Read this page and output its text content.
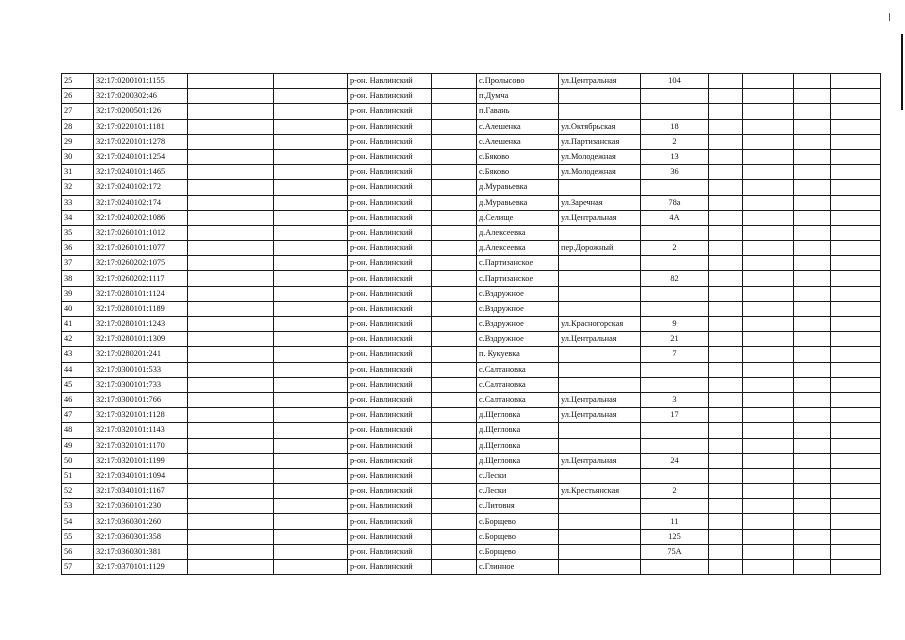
25	32:17:0200101:1155			р-он. Навлинский		с.Пролысово	ул.Центральная	104				
26	32:17:0200302:46			р-он. Навлинский		п.Думча						
27	32:17:0200501:126			р-он. Навлинский		п.Гавань						
28	32:17:0220101:1181			р-он. Навлинский		с.Алешенка	ул.Октябрьская	18				
29	32:17:0220101:1278			р-он. Навлинский		с.Алешенка	ул.Партизанская	2				
30	32:17:0240101:1254			р-он. Навлинский		с.Бяково	ул.Молодежная	13				
31	32:17:0240101:1465			р-он. Навлинский		с.Бяково	ул.Молодежная	36				
32	32:17:0240102:172			р-он. Навлинский		д.Муравьевка						
33	32:17:0240102:174			р-он. Навлинский		д.Муравьевка	ул.Заречная	78а				
34	32:17:0240202:1086			р-он. Навлинский		д.Селище	ул.Центральная	4А				
35	32:17:0260101:1012			р-он. Навлинский		д.Алексеевка						
36	32:17:0260101:1077			р-он. Навлинский		д.Алексеевка	пер.Дорожный	2				
37	32:17:0260202:1075			р-он. Навлинский		с.Партизанское						
38	32:17:0260202:1117			р-он. Навлинский		с.Партизанское		82				
39	32:17:0280101:1124			р-он. Навлинский		с.Вздружное						
40	32:17:0280101:1189			р-он. Навлинский		с.Вздружное						
41	32:17:0280101:1243			р-он. Навлинский		с.Вздружное	ул.Красногорская	9				
42	32:17:0280101:1309			р-он. Навлинский		с.Вздружное	ул.Центральная	21				
43	32:17:0280201:241			р-он. Навлинский		п. Кукуевка		7				
44	32:17:0300101:533			р-он. Навлинский		с.Салтановка						
45	32:17:0300101:733			р-он. Навлинский		с.Салтановка						
46	32:17:0300101:766			р-он. Навлинский		с.Салтановка	ул.Центральная	3				
47	32:17:0320101:1128			р-он. Навлинский		д.Щегловка	ул.Центральная	17				
48	32:17:0320101:1143			р-он. Навлинский		д.Щегловка						
49	32:17:0320101:1170			р-он. Навлинский		д.Щегловка						
50	32:17:0320101:1199			р-он. Навлинский		д.Щегловка	ул.Центральная	24				
51	32:17:0340101:1094			р-он. Навлинский		с.Лески						
52	32:17:0340101:1167			р-он. Навлинский		с.Лески	ул.Крестьянская	2				
53	32:17:0360101:230			р-он. Навлинский		с.Литовня						
54	32:17:0360301:260			р-он. Навлинский		с.Борщево		11				
55	32:17:0360301:358			р-он. Навлинский		с.Борщево		125				
56	32:17:0360301:381			р-он. Навлинский		с.Борщево		75А				
57	32:17:0370101:1129			р-он. Навлинский		с.Глинное						
